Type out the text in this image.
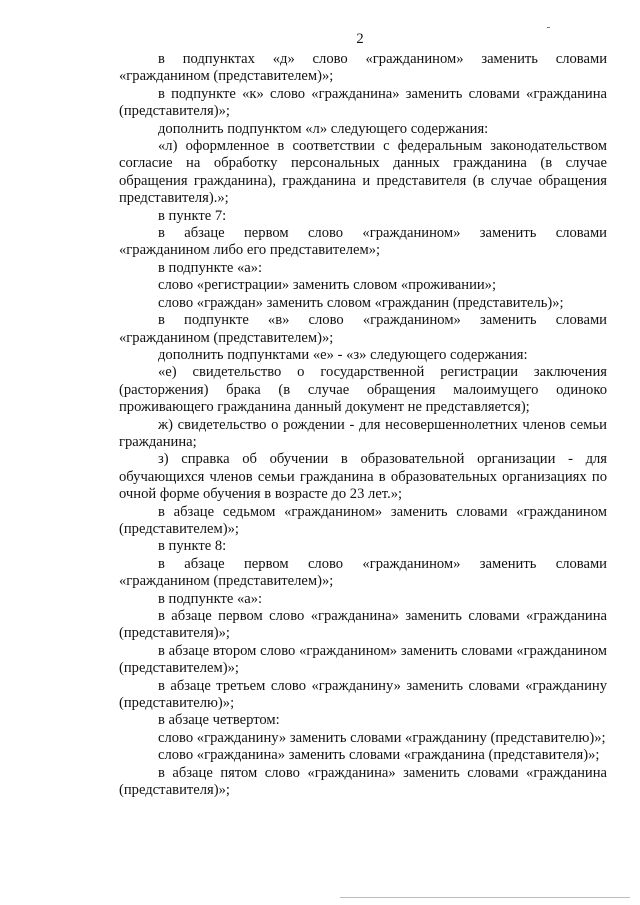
2

в подпунктах «д» слово «гражданином» заменить словами «гражданином (представителем)»;

в подпункте «к» слово «гражданина» заменить словами «гражданина (представителя)»;

дополнить подпунктом «л» следующего содержания:

«л) оформленное в соответствии с федеральным законодательством согласие на обработку персональных данных гражданина (в случае обращения гражданина), гражданина и представителя (в случае обращения представителя).»;

в пункте 7:

в абзаце первом слово «гражданином» заменить словами «гражданином либо его представителем»;

в подпункте «а»:

слово «регистрации» заменить словом «проживании»;

слово «граждан» заменить словом «гражданин (представитель)»;

в подпункте «в» слово «гражданином» заменить словами «гражданином (представителем)»;

дополнить подпунктами «е» - «з» следующего содержания:

«е) свидетельство о государственной регистрации заключения (расторжения) брака (в случае обращения малоимущего одиноко проживающего гражданина данный документ не представляется);

ж) свидетельство о рождении - для несовершеннолетних членов семьи гражданина;

з) справка об обучении в образовательной организации - для обучающихся членов семьи гражданина в образовательных организациях по очной форме обучения в возрасте до 23 лет.»;

в абзаце седьмом «гражданином» заменить словами «гражданином (представителем)»;

в пункте 8:

в абзаце первом слово «гражданином» заменить словами «гражданином (представителем)»;

в подпункте «а»:

в абзаце первом слово «гражданина» заменить словами «гражданина (представителя)»;

в абзаце втором слово «гражданином» заменить словами «гражданином (представителем)»;

в абзаце третьем слово «гражданину» заменить словами «гражданину (представителю)»;

в абзаце четвертом:

слово «гражданину» заменить словами «гражданину (представителю)»;

слово «гражданина» заменить словами «гражданина (представителя)»;

в абзаце пятом слово «гражданина» заменить словами «гражданина (представителя)»;
